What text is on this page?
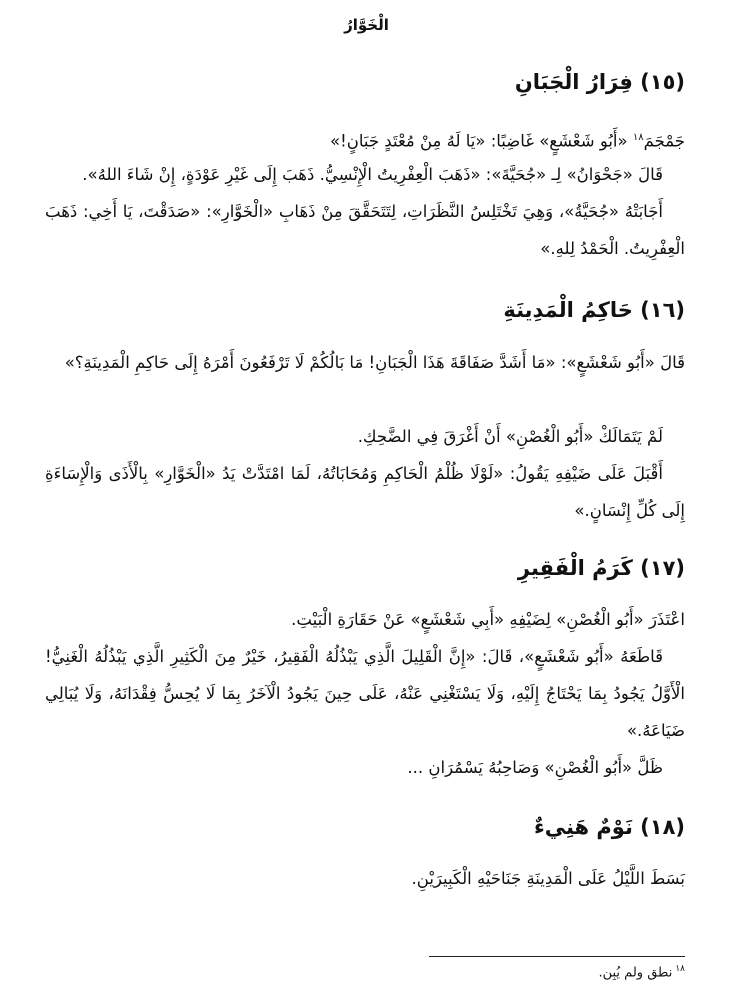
الْخَوَّارُ
(١٥) فِرَارُ الْجَبَانِ

جَمْجَمَ$^{١٨}$ «أَبُو شَعْشَعٍ» غَاضِبًا: «يَا لَهُ مِنْ مُعْتَدٍ جَبَانٍ!»

قَالَ «جَحْوَانُ» لِـ «جُحَيَّةَ»: «ذَهَبَ الْعِفْرِيتُ الْإِنْسِيُّ. ذَهَبَ إِلَى غَيْرِ عَوْدَةٍ، إِنْ شَاءَ اللهُ».

أَجَابَتْهُ «جُحَيَّةُ»، وَهِيَ تَخْتَلِسُ النَّظَرَاتِ، لِتَتَحَقَّقَ مِنْ ذَهَابِ «الْخَوَّارِ»: «صَدَقْتَ، يَا أَخِي: ذَهَبَ الْعِفْرِيتُ. الْحَمْدُ لِلهِ.»

(١٦) حَاكِمُ الْمَدِينَةِ

قَالَ «أَبُو شَعْشَعٍ»: «مَا أَشَدَّ صَفَاقَةَ هَذَا الْجَبَانِ! مَا بَالُكُمْ لَا تَرْفَعُونَ أَمْرَهُ إِلَى حَاكِمِ الْمَدِينَةِ؟»

لَمْ يَتَمَالَكْ «أَبُو الْغُصْنِ» أَنْ أَغْرَقَ فِي الضَّحِكِ.

أَقْبَلَ عَلَى ضَيْفِهِ يَقُولُ: «لَوْلَا ظُلْمُ الْحَاكِمِ وَمُحَابَاتُهُ، لَمَا امْتَدَّتْ يَدُ «الْخَوَّارِ» بِالْأَذَى وَالْإِسَاءَةِ إِلَى كُلِّ إِنْسَانٍ.»

(١٧) كَرَمُ الْفَقِيرِ

اعْتَذَرَ «أَبُو الْغُصْنِ» لِضَيْفِهِ «أَبِي شَعْشَعٍ» عَنْ حَقَارَةِ الْبَيْتِ.

قَاطَعَهُ «أَبُو شَعْشَعٍ»، قَالَ: «إِنَّ الْقَلِيلَ الَّذِي يَبْذُلُهُ الْفَقِيرُ، خَيْرٌ مِنَ الْكَثِيرِ الَّذِي يَبْذُلُهُ الْغَنِيُّ! الْأَوَّلُ يَجُودُ بِمَا يَحْتَاجُ إِلَيْهِ، وَلَا يَسْتَغْنِي عَنْهُ، عَلَى حِينَ يَجُودُ الْآخَرُ بِمَا لَا يُحِسُّ فِقْدَانَهُ، وَلَا يُبَالِي ضَيَاعَهُ.»

ظَلَّ «أَبُو الْغُصْنِ» وَصَاحِبُهُ يَسْمُرَانِ ...

(١٨) نَوْمٌ هَنِيءٌ

بَسَطَ اللَّيْلُ عَلَى الْمَدِينَةِ جَنَاحَيْهِ الْكَبِيرَيْنِ.

$^{١٨}$نطق ولم يُبِن.
